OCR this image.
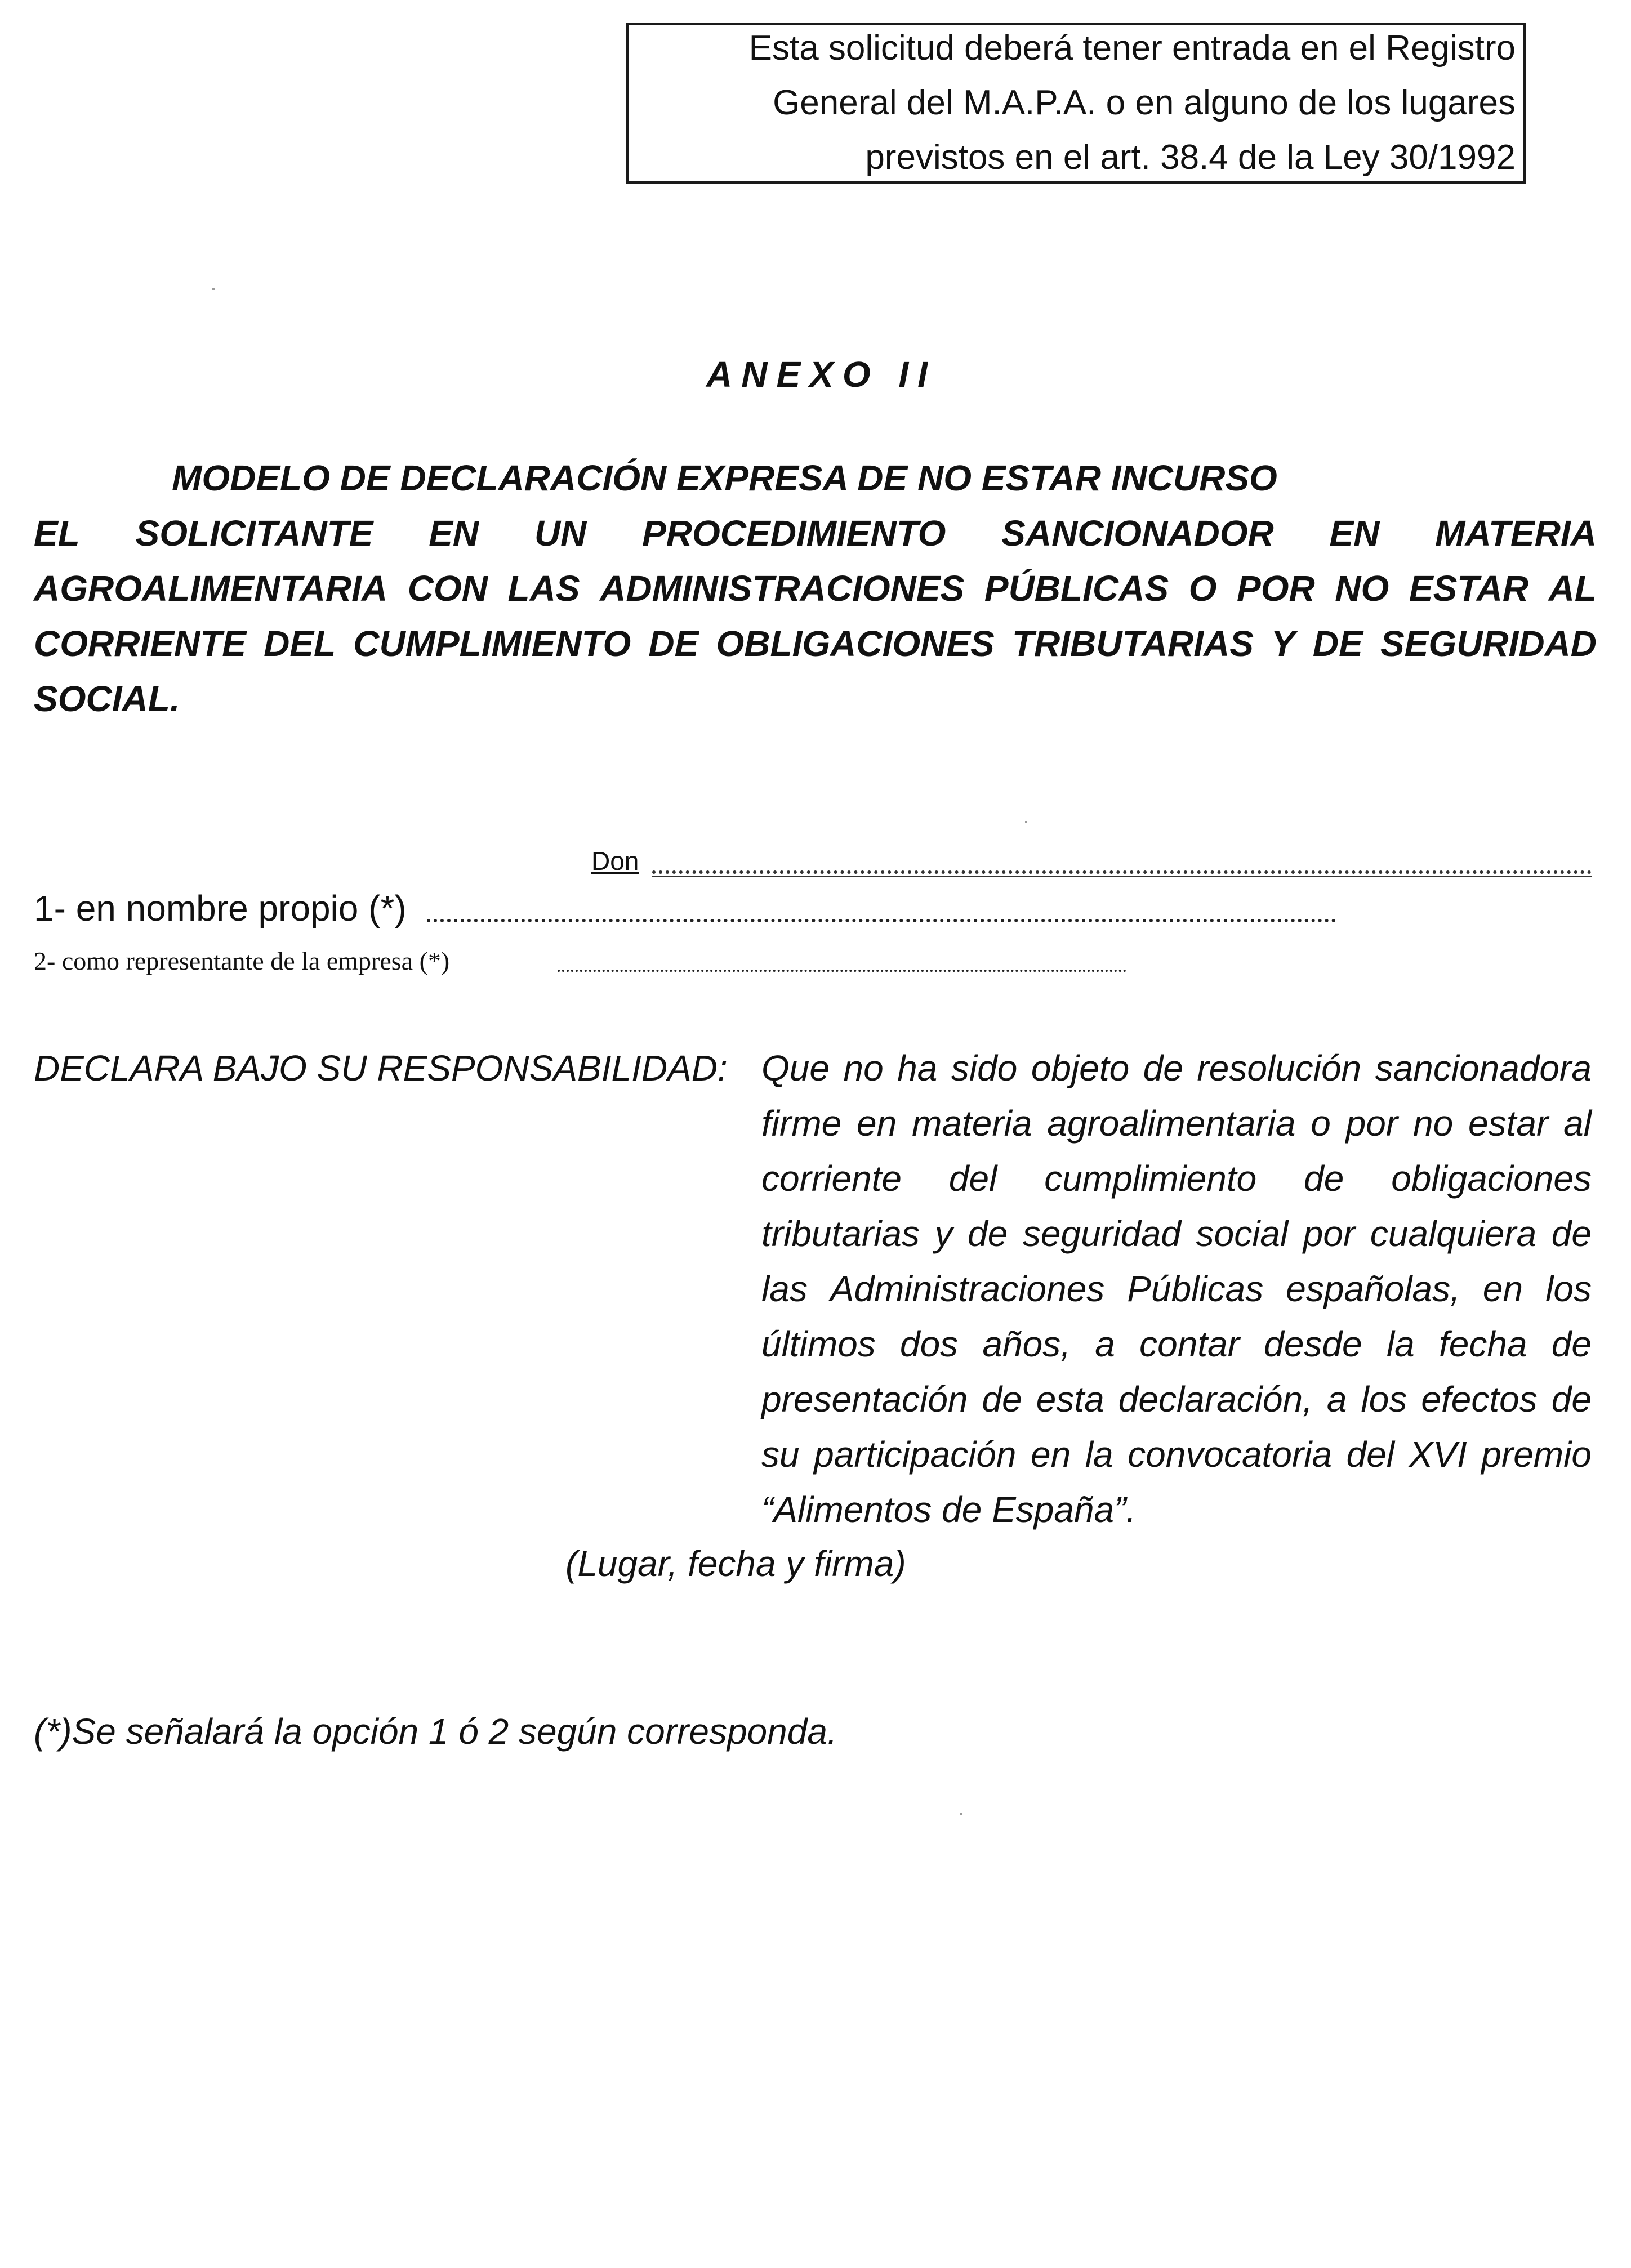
Esta solicitud deberá tener entrada en el Registro
General del M.A.P.A. o en alguno de los lugares
previstos en el art. 38.4 de la Ley 30/1992
ANEXO II
MODELO DE DECLARACIÓN EXPRESA DE NO ESTAR INCURSO
EL SOLICITANTE EN UN PROCEDIMIENTO SANCIONADOR EN MATERIA
AGROALIMENTARIA CON LAS ADMINISTRACIONES PÚBLICAS O POR NO ESTAR AL
CORRIENTE DEL CUMPLIMIENTO DE OBLIGACIONES TRIBUTARIAS Y DE SEGURIDAD
SOCIAL.
Don
1- en nombre propio (*)
2- como representante de la empresa (*)
DECLARA BAJO SU RESPONSABILIDAD: Que no ha sido objeto de resolución sancionadora
firme en materia agroalimentaria o por no estar al
corriente del cumplimiento de obligaciones
tributarias y de seguridad social por cualquiera de
las Administraciones Públicas españolas, en los
últimos dos años, a contar desde la fecha de
presentación de esta declaración, a los efectos de
su participación en la convocatoria del XVI premio
“Alimentos de España”.
(Lugar, fecha y firma)
(*)Se señalará la opción 1 ó 2 según corresponda.
